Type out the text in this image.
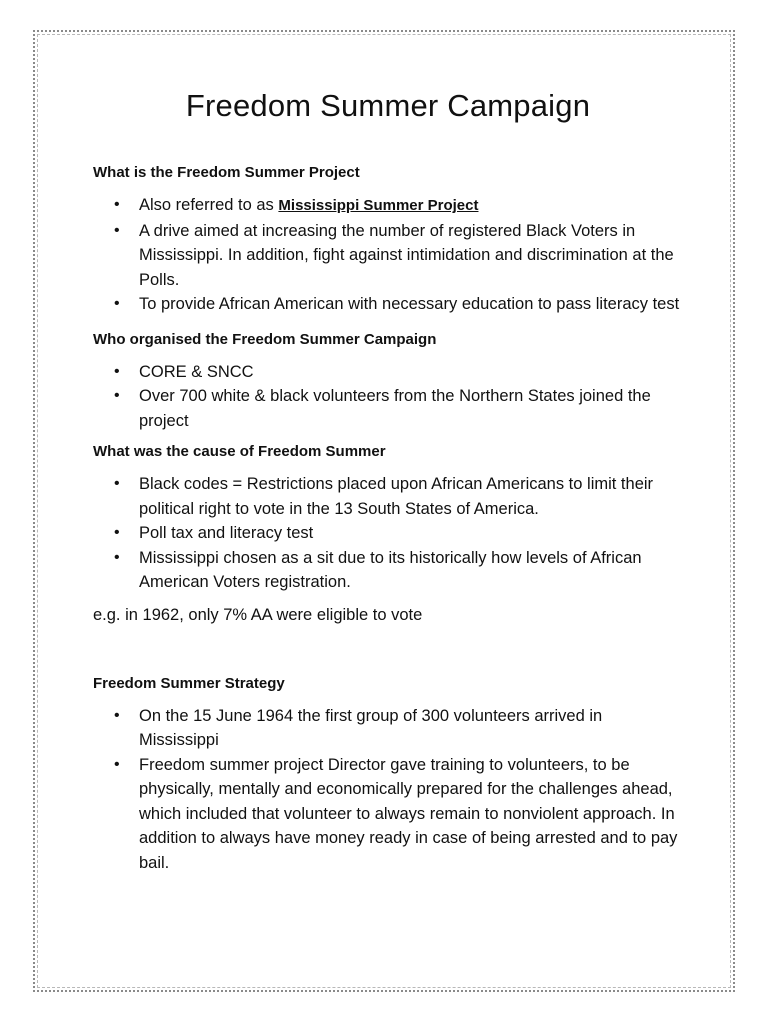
Freedom Summer Campaign
What is the Freedom Summer Project
• Also referred to as Mississippi Summer Project
• A drive aimed at increasing the number of registered Black Voters in Mississippi. In addition, fight against intimidation and discrimination at the Polls.
• To provide African American with necessary education to pass literacy test
Who organised the Freedom Summer Campaign
• CORE & SNCC
• Over 700 white & black volunteers from the Northern States joined the project
What was the cause of Freedom Summer
• Black codes = Restrictions placed upon African Americans to limit their political right to vote in the 13 South States of America.
• Poll tax and literacy test
• Mississippi chosen as a sit due to its historically how levels of African American Voters registration.

e.g. in 1962, only 7% AA were eligible to vote

Freedom Summer Strategy
• On the 15 June 1964 the first group of 300 volunteers arrived in Mississippi
• Freedom summer project Director gave training to volunteers, to be physically, mentally and economically prepared for the challenges ahead, which included that volunteer to always remain to nonviolent approach. In addition to always have money ready in case of being arrested and to pay bail.
